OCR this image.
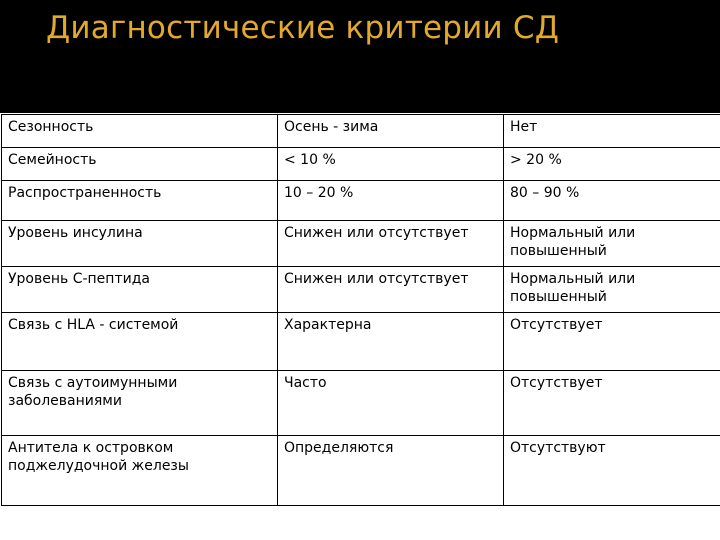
Диагностические критерии СД
Сезонность	Осень - зима	Нет

Семейность	< 10 %	> 20 %

Распространенность	10 – 20 %	80 – 90 %

Уровень инсулина	Снижен или отсутствует	Нормальный или повышенный

Уровень С-пептида	Снижен или отсутствует	Нормальный или повышенный

Связь с HLA - системой	Характерна	Отсутствует

Связь с аутоимунными заболеваниями	Часто	Отсутствует

Антитела к островком поджелудочной железы	Определяются	Отсутствуют
